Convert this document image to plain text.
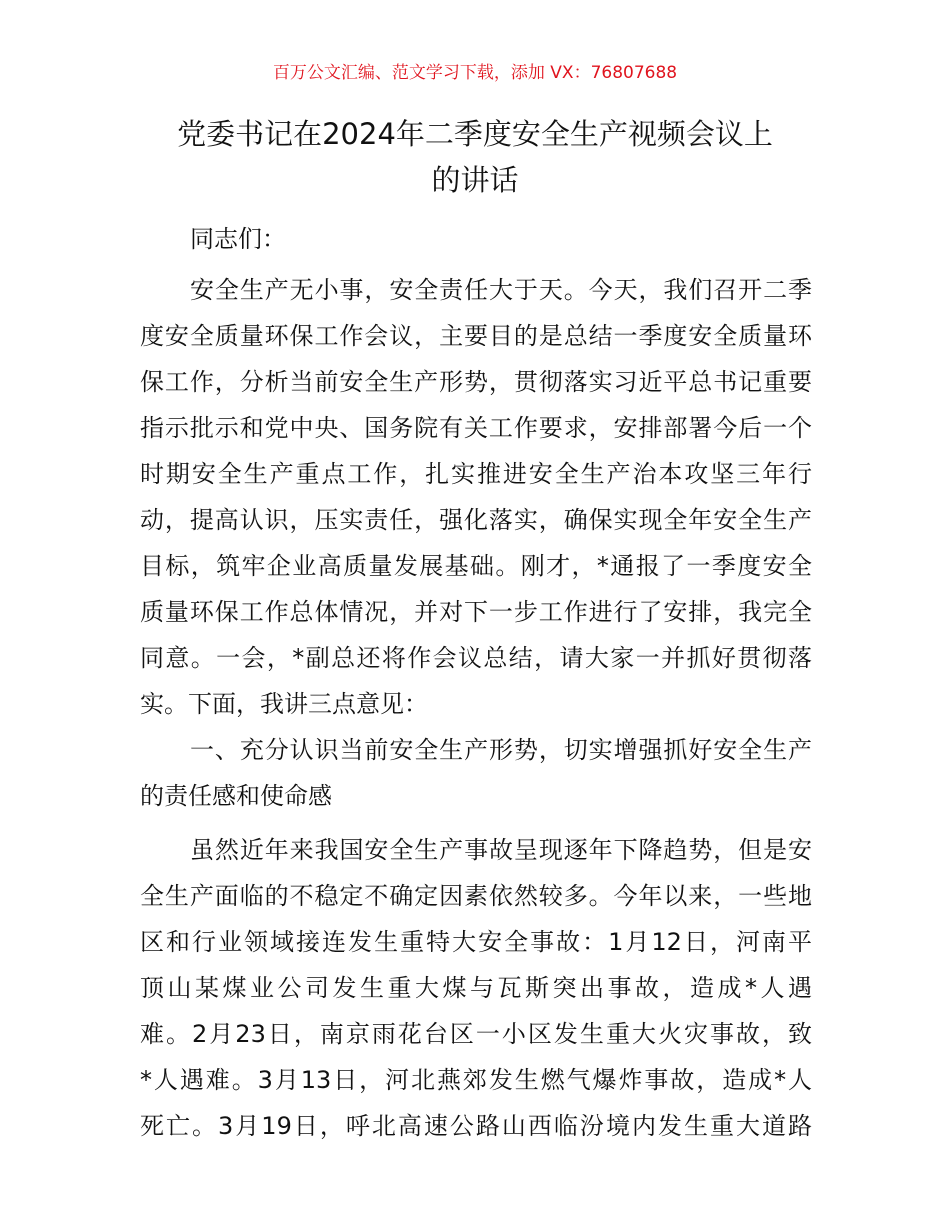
百万公文汇编、范文学习下载，添加 VX：76807688
党委书记在2024年二季度安全生产视频会议上
的讲话
同志们：
安全生产无小事，安全责任大于天。今天，我们召开二季
度安全质量环保工作会议，主要目的是总结一季度安全质量环
保工作，分析当前安全生产形势，贯彻落实习近平总书记重要
指示批示和党中央、国务院有关工作要求，安排部署今后一个
时期安全生产重点工作，扎实推进安全生产治本攻坚三年行
动，提高认识，压实责任，强化落实，确保实现全年安全生产
目标，筑牢企业高质量发展基础。刚才，*通报了一季度安全
质量环保工作总体情况，并对下一步工作进行了安排，我完全
同意。一会，*副总还将作会议总结，请大家一并抓好贯彻落
实。下面，我讲三点意见：
一、充分认识当前安全生产形势，切实增强抓好安全生产
的责任感和使命感
虽然近年来我国安全生产事故呈现逐年下降趋势，但是安
全生产面临的不稳定不确定因素依然较多。今年以来，一些地
区和行业领域接连发生重特大安全事故：1月12日，河南平
顶山某煤业公司发生重大煤与瓦斯突出事故，造成*人遇
难。2月23日，南京雨花台区一小区发生重大火灾事故，致
*人遇难。3月13日，河北燕郊发生燃气爆炸事故，造成*人
死亡。3月19日，呼北高速公路山西临汾境内发生重大道路
